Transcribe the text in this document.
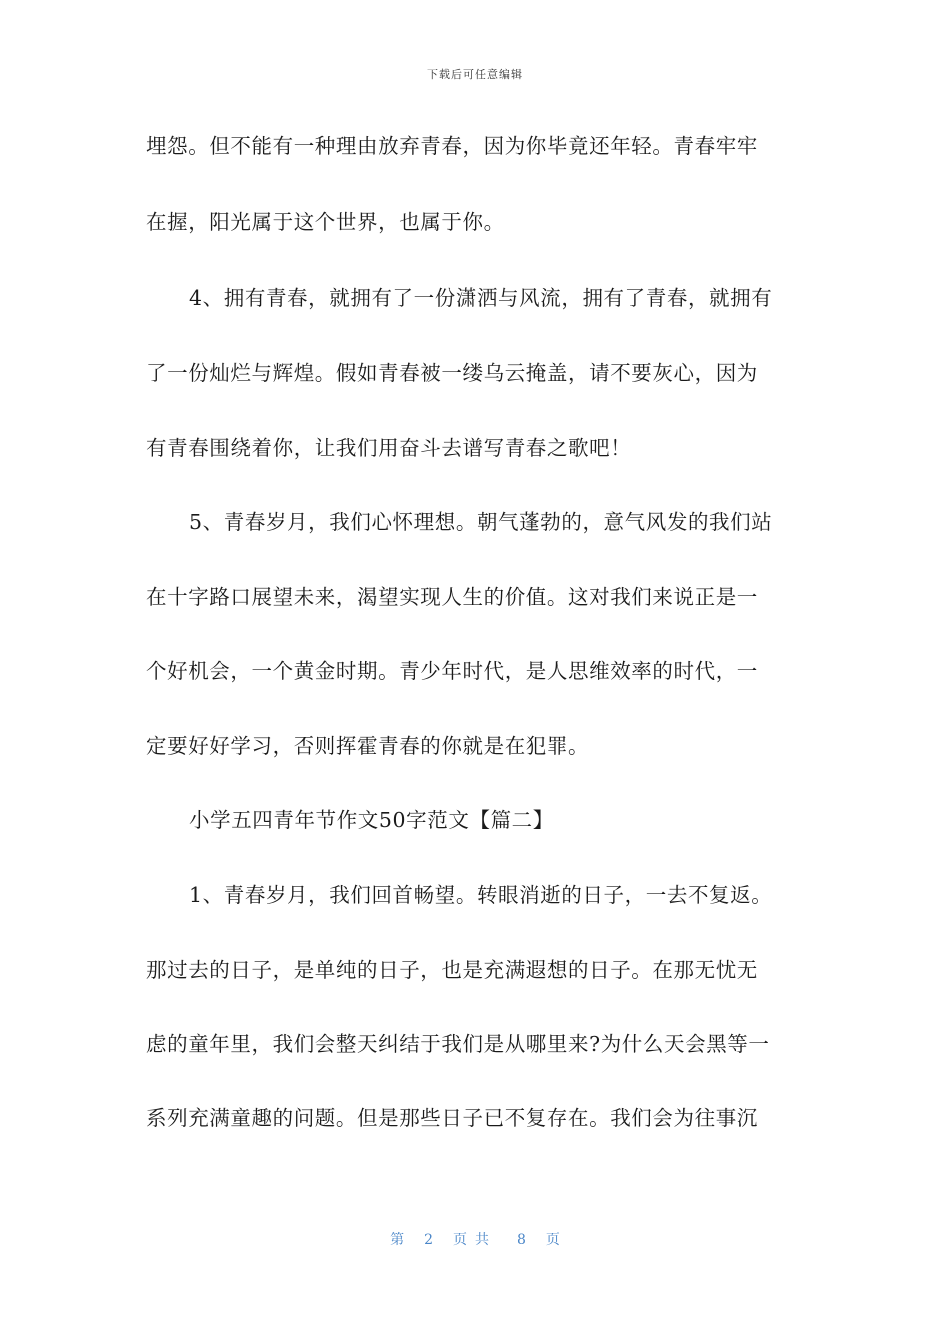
下载后可任意编辑
埋怨。但不能有一种理由放弃青春，因为你毕竟还年轻。青春牢牢
在握，阳光属于这个世界，也属于你。
4、拥有青春，就拥有了一份潇洒与风流，拥有了青春，就拥有
了一份灿烂与辉煌。假如青春被一缕乌云掩盖，请不要灰心，因为
有青春围绕着你，让我们用奋斗去谱写青春之歌吧！
5、青春岁月，我们心怀理想。朝气蓬勃的，意气风发的我们站
在十字路口展望未来，渴望实现人生的价值。这对我们来说正是一
个好机会，一个黄金时期。青少年时代，是人思维效率的时代，一
定要好好学习，否则挥霍青春的你就是在犯罪。
小学五四青年节作文50字范文【篇二】
1、青春岁月，我们回首畅望。转眼消逝的日子，一去不复返。
那过去的日子，是单纯的日子，也是充满遐想的日子。在那无忧无
虑的童年里，我们会整天纠结于我们是从哪里来?为什么天会黑等一
系列充满童趣的问题。但是那些日子已不复存在。我们会为往事沉
第 2 页共 8 页
